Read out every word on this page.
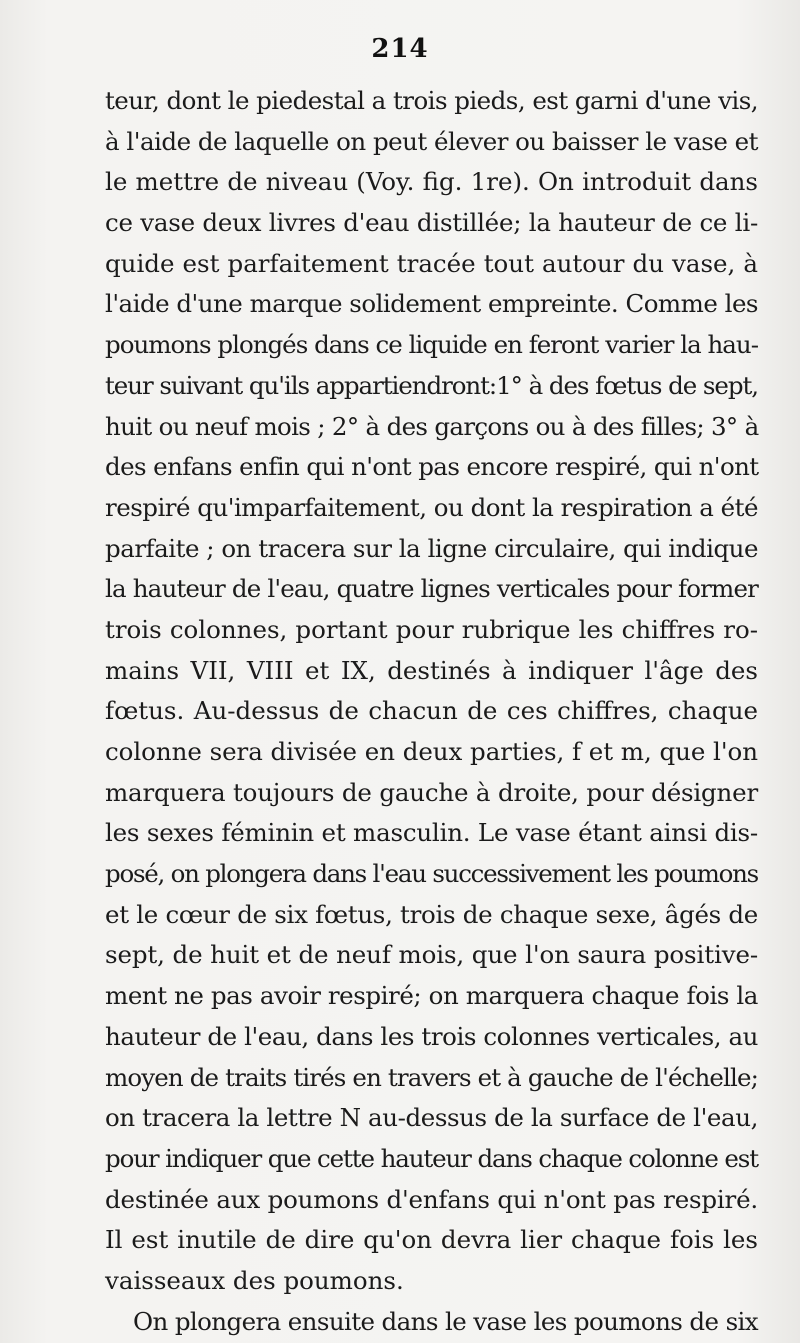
214
teur, dont le piedestal a trois pieds, est garni d'une vis,
à l'aide de laquelle on peut élever ou baisser le vase et
le mettre de niveau (Voy. fig. 1re). On introduit dans
ce vase deux livres d'eau distillée; la hauteur de ce li-
quide est parfaitement tracée tout autour du vase, à
l'aide d'une marque solidement empreinte. Comme les
poumons plongés dans ce liquide en feront varier la hau-
teur suivant qu'ils appartiendront:1° à des fœtus de sept,
huit ou neuf mois ; 2° à des garçons ou à des filles; 3° à
des enfans enfin qui n'ont pas encore respiré, qui n'ont
respiré qu'imparfaitement, ou dont la respiration a été
parfaite ; on tracera sur la ligne circulaire, qui indique
la hauteur de l'eau, quatre lignes verticales pour former
trois colonnes, portant pour rubrique les chiffres ro-
mains VII, VIII et IX, destinés à indiquer l'âge des
fœtus. Au-dessus de chacun de ces chiffres, chaque
colonne sera divisée en deux parties, f et m, que l'on
marquera toujours de gauche à droite, pour désigner
les sexes féminin et masculin. Le vase étant ainsi dis-
posé, on plongera dans l'eau successivement les poumons
et le cœur de six fœtus, trois de chaque sexe, âgés de
sept, de huit et de neuf mois, que l'on saura positive-
ment ne pas avoir respiré; on marquera chaque fois la
hauteur de l'eau, dans les trois colonnes verticales, au
moyen de traits tirés en travers et à gauche de l'échelle;
on tracera la lettre N au-dessus de la surface de l'eau,
pour indiquer que cette hauteur dans chaque colonne est
destinée aux poumons d'enfans qui n'ont pas respiré.
Il est inutile de dire qu'on devra lier chaque fois les
vaisseaux des poumons.
On plongera ensuite dans le vase les poumons de six
